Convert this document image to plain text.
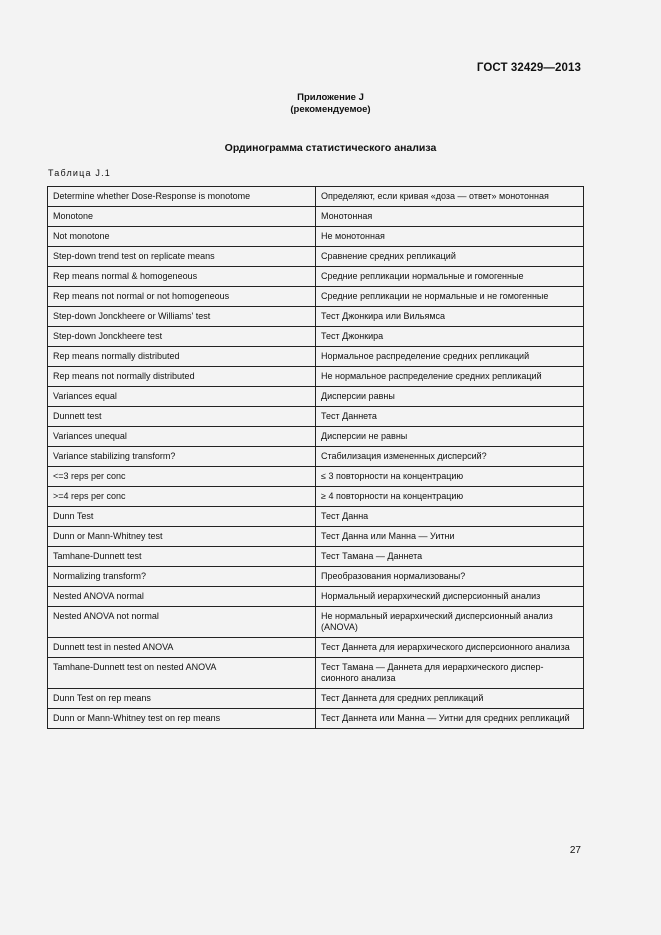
ГОСТ 32429—2013
Приложение J
(рекомендуемое)
Ординограмма статистического анализа
Таблица J.1
Determine whether Dose-Response is monotome	Определяют, если кривая «доза — ответ» монотонная
Monotone	Монотонная
Not monotone	Не монотонная
Step-down trend test on replicate means	Сравнение средних репликаций
Rep means normal & homogeneous	Средние репликации нормальные и гомогенные
Rep means not normal or not homogeneous	Средние репликации не нормальные и не гомогенные
Step-down Jonckheere or Williams' test	Тест Джонкира или Вильямса
Step-down Jonckheere test	Тест Джонкира
Rep means normally distributed	Нормальное распределение средних репликаций
Rep means not normally distributed	Не нормальное распределение средних репликаций
Variances equal	Дисперсии равны
Dunnett test	Тест Даннета
Variances unequal	Дисперсии не равны
Variance stabilizing transform?	Стабилизация измененных дисперсий?
<=3 reps per conc	≤ 3 повторности на концентрацию
>=4 reps per conc	≥ 4 повторности на концентрацию
Dunn Test	Тест Данна
Dunn or Mann-Whitney test	Тест Данна или Манна — Уитни
Tamhane-Dunnett test	Тест Тамана — Даннета
Normalizing transform?	Преобразования нормализованы?
Nested ANOVA normal	Нормальный иерархический дисперсионный анализ
Nested ANOVA not normal	Не нормальный иерархический дисперсионный анализ (ANOVA)
Dunnett test in nested ANOVA	Тест Даннета для иерархического дисперсионного анализа
Tamhane-Dunnett test on nested ANOVA	Тест Тамана — Даннета для иерархического диспер-сионного анализа
Dunn Test on rep means	Тест Даннета для средних репликаций
Dunn or Mann-Whitney test on rep means	Тест Даннета или Манна — Уитни для средних репликаций
27
